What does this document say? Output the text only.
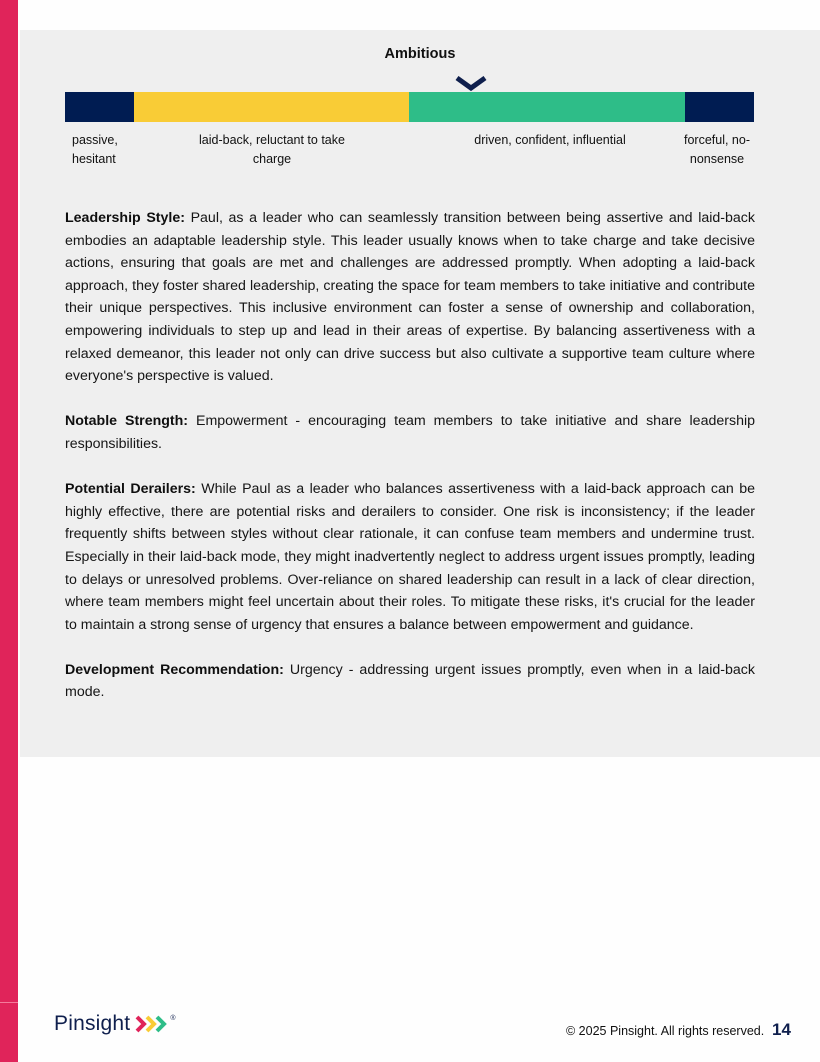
Ambitious
passive, hesitant
laid-back, reluctant to take charge
driven, confident, influential	forceful, no-nonsense

Leadership Style: Paul, as a leader who can seamlessly transition between being assertive and laid-back embodies an adaptable leadership style. This leader usually knows when to take charge and take decisive actions, ensuring that goals are met and challenges are addressed promptly. When adopting a laid-back approach, they foster shared leadership, creating the space for team members to take initiative and contribute their unique perspectives. This inclusive environment can foster a sense of ownership and collaboration, empowering individuals to step up and lead in their areas of expertise. By balancing assertiveness with a relaxed demeanor, this leader not only can drive success but also cultivate a supportive team culture where everyone's perspective is valued.

Notable Strength: Empowerment - encouraging team members to take initiative and share leadership responsibilities.

Potential Derailers: While Paul as a leader who balances assertiveness with a laid-back approach can be highly effective, there are potential risks and derailers to consider. One risk is inconsistency; if the leader frequently shifts between styles without clear rationale, it can confuse team members and undermine trust. Especially in their laid-back mode, they might inadvertently neglect to address urgent issues promptly, leading to delays or unresolved problems. Over-reliance on shared leadership can result in a lack of clear direction, where team members might feel uncertain about their roles. To mitigate these risks, it's crucial for the leader to maintain a strong sense of urgency that ensures a balance between empowerment and guidance.

Development Recommendation: Urgency - addressing urgent issues promptly, even when in a laid-back mode.

Pinsight	®
© 2025 Pinsight. All rights reserved. 14
